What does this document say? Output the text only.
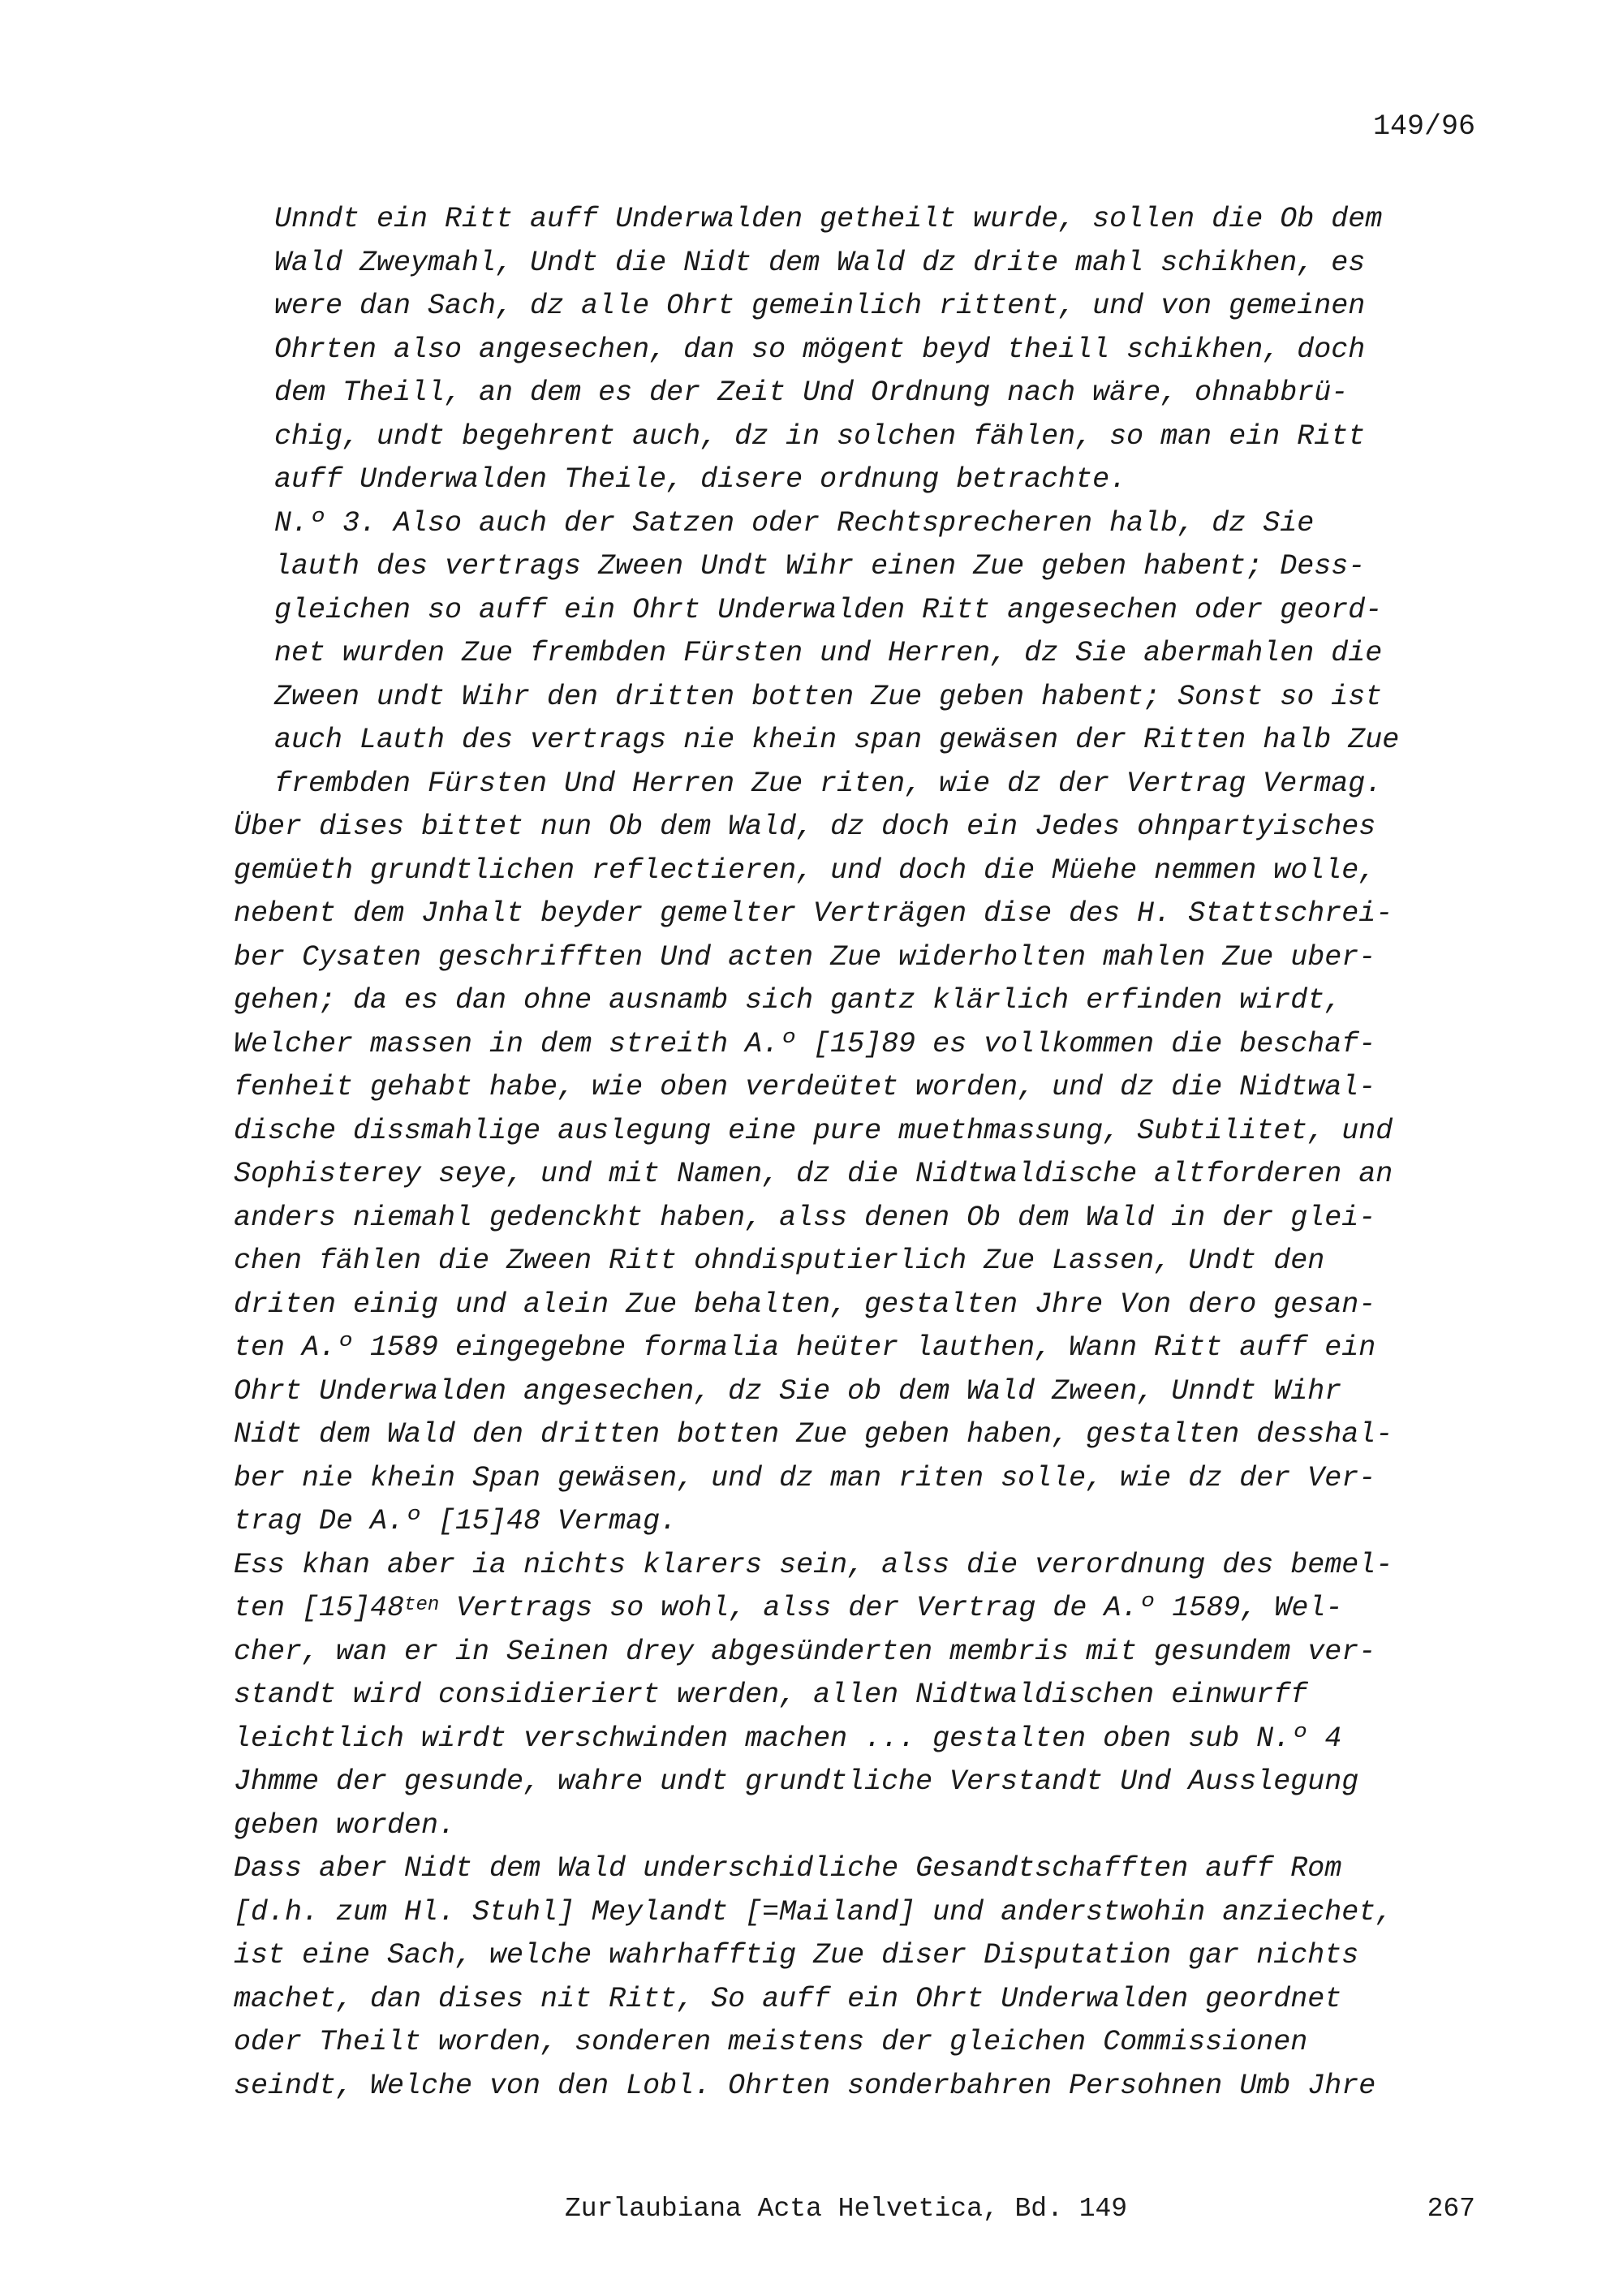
149/96
Unndt ein Ritt auff Underwalden getheilt wurde, sollen die Ob dem
Wald Zweymahl, Undt die Nidt dem Wald dz drite mahl schikhen, es
were dan Sach, dz alle Ohrt gemeinlich rittent, und von gemeinen
Ohrten also angesechen, dan so mögent beyd theill schikhen, doch
dem Theill, an dem es der Zeit Und Ordnung nach wäre, ohnabbrü-
chig, undt begehrent auch, dz in solchen fählen, so man ein Ritt
auff Underwalden Theile, disere ordnung betrachte.
N.º 3. Also auch der Satzen oder Rechtsprecheren halb, dz Sie
lauth des vertrags Zween Undt Wihr einen Zue geben habent; Dess-
gleichen so auff ein Ohrt Underwalden Ritt angesechen oder geord-
net wurden Zue frembden Fürsten und Herren, dz Sie abermahlen die
Zween undt Wihr den dritten botten Zue geben habent; Sonst so ist
auch Lauth des vertrags nie khein span gewäsen der Ritten halb Zue
frembden Fürsten Und Herren Zue riten, wie dz der Vertrag Vermag.
Über dises bittet nun Ob dem Wald, dz doch ein Jedes ohnpartyisches
gemüeth grundtlichen reflectieren, und doch die Müehe nemmen wolle,
nebent dem Jnhalt beyder gemelter Verträgen dise des H. Stattschrei-
ber Cysaten geschrifften Und acten Zue widerholten mahlen Zue uber-
gehen; da es dan ohne ausnamb sich gantz klärlich erfinden wirdt,
Welcher massen in dem streith A.º [15]89 es vollkommen die beschaf-
fenheit gehabt habe, wie oben verdeütet worden, und dz die Nidtwal-
dische dissmahlige auslegung eine pure muethmassung, Subtilitet, und
Sophisterey seye, und mit Namen, dz die Nidtwaldische altforderen an
anders niemahl gedenckht haben, alss denen Ob dem Wald in der glei-
chen fählen die Zween Ritt ohndisputierlich Zue Lassen, Undt den
driten einig und alein Zue behalten, gestalten Jhre Von dero gesan-
ten A.º 1589 eingegebne formalia heüter lauthen, Wann Ritt auff ein
Ohrt Underwalden angesechen, dz Sie ob dem Wald Zween, Unndt Wihr
Nidt dem Wald den dritten botten Zue geben haben, gestalten desshal-
ber nie khein Span gewäsen, und dz man riten solle, wie dz der Ver-
trag De A.º [15]48 Vermag.
Ess khan aber ia nichts klarers sein, alss die verordnung des bemel-
ten $[15]48^{ten}$ Vertrags so wohl, alss der Vertrag de A.º 1589, Wel-
cher, wan er in Seinen drey abgesünderten membris mit gesundem ver-
standt wird considieriert werden, allen Nidtwaldischen einwurff
leichtlich wirdt verschwinden machen ... gestalten oben sub N.º 4
Jhmme der gesunde, wahre undt grundtliche Verstandt Und Ausslegung
geben worden.
Dass aber Nidt dem Wald underschidliche Gesandtschafften auff Rom
[d.h. zum Hl. Stuhl] Meylandt [=Mailand] und anderstwohin anziechet,
ist eine Sach, welche wahrhafftig Zue diser Disputation gar nichts
machet, dan dises nit Ritt, So auff ein Ohrt Underwalden geordnet
oder Theilt worden, sonderen meistens der gleichen Commissionen
seindt, Welche von den Lobl. Ohrten sonderbahren Persohnen Umb Jhre
Zurlaubiana Acta Helvetica, Bd. 149	267
